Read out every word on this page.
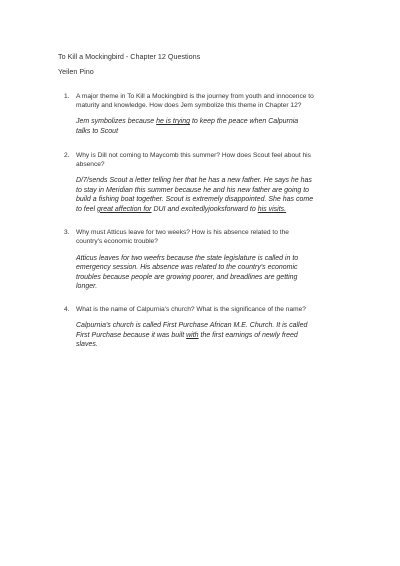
To Kill a Mockingbird - Chapter 12 Questions
Yeilen Pino
1. A major theme in To Kill a Mockingbird is the journey from youth and innocence to maturity and knowledge. How does Jem symbolize this theme in Chapter 12?
Jem symbolizes because he is trying to keep the peace when Calpurnia talks to Scout
2. Why is Dill not coming to Maycomb this summer? How does Scout feel about his absence?
D/7/sends Scout a letter telling her that he has a new father. He says he has to stay in Meridian this summer because he and his new father are going to build a fishing boat together. Scout is extremely disappointed. She has come to feel great affection for DUI and excitedlyjooksforward to his visits.
3. Why must Atticus leave for two weeks? How is his absence related to the country's economic trouble?
Atticus leaves for two weefrs because the state legislature is called in to emergency session. His absence was related to the country's economic troubles because people are growing poorer, and breadlines are getting longer.
4. What is the name of Calpurnia's church? What is the significance of the name?
Calpurnia's church is called First Purchase African M.E. Church. It is called First Purchase because it was built with the first earnings of newly freed slaves.
